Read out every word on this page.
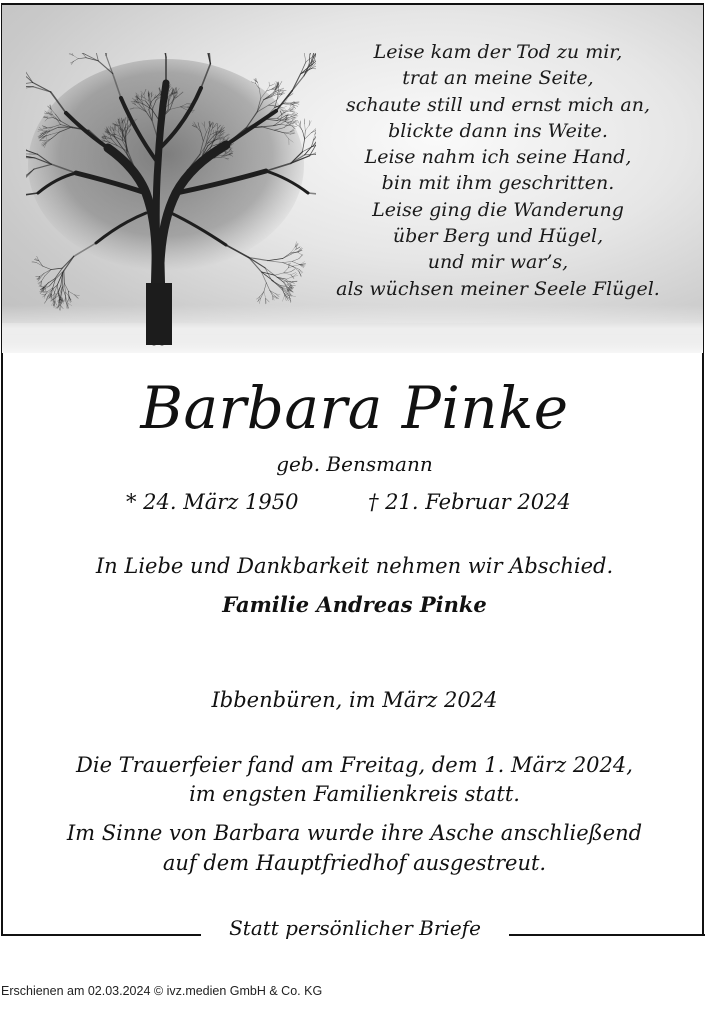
Leise kam der Tod zu mir,
trat an meine Seite,
schaute still und ernst mich an,
blickte dann ins Weite.
Leise nahm ich seine Hand,
bin mit ihm geschritten.
Leise ging die Wanderung
über Berg und Hügel,
und mir war’s,
als wüchsen meiner Seele Flügel.
Barbara Pinke
geb. Bensmann
* 24. März 1950	† 21. Februar 2024
In Liebe und Dankbarkeit nehmen wir Abschied.
Familie Andreas Pinke
Ibbenbüren, im März 2024
Die Trauerfeier fand am Freitag, dem 1. März 2024,
im engsten Familienkreis statt.
Im Sinne von Barbara wurde ihre Asche anschließend
auf dem Hauptfriedhof ausgestreut.
Statt persönlicher Briefe
Erschienen am 02.03.2024 © ivz.medien GmbH & Co. KG
